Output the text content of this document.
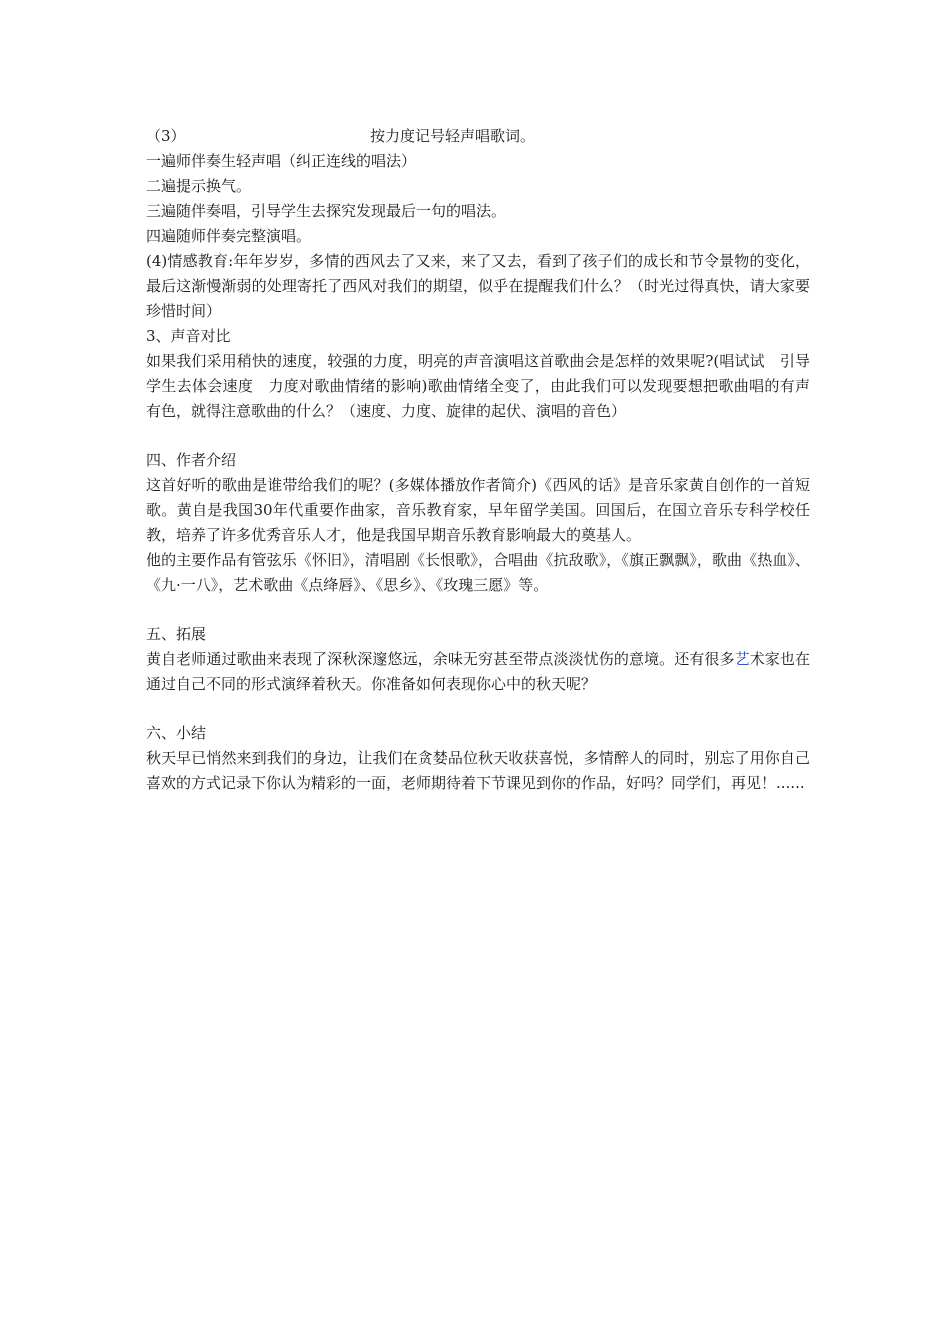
（3）	按力度记号轻声唱歌词。

一遍师伴奏生轻声唱（纠正连线的唱法）

二遍提示换气。

三遍随伴奏唱，引导学生去探究发现最后一句的唱法。

四遍随师伴奏完整演唱。

(4)情感教育:年年岁岁，多情的西风去了又来，来了又去，看到了孩子们的成长和节令景物的变化，最后这渐慢渐弱的处理寄托了西风对我们的期望，似乎在提醒我们什么？（时光过得真快，请大家要珍惜时间）

3、声音对比

如果我们采用稍快的速度，较强的力度，明亮的声音演唱这首歌曲会是怎样的效果呢?(唱试试　引导学生去体会速度　力度对歌曲情绪的影响)歌曲情绪全变了，由此我们可以发现要想把歌曲唱的有声有色，就得注意歌曲的什么？（速度、力度、旋律的起伏、演唱的音色）

四、作者介绍

这首好听的歌曲是谁带给我们的呢？(多媒体播放作者简介)《西风的话》是音乐家黄自创作的一首短歌。黄自是我国30年代重要作曲家，音乐教育家，早年留学美国。回国后，在国立音乐专科学校任教，培养了许多优秀音乐人才，他是我国早期音乐教育影响最大的奠基人。

他的主要作品有管弦乐《怀旧》，清唱剧《长恨歌》，合唱曲《抗敌歌》，《旗正飘飘》，歌曲《热血》、《九·一八》，艺术歌曲《点绛唇》、《思乡》、《玫瑰三愿》等。

五、拓展

黄自老师通过歌曲来表现了深秋深邃悠远，余味无穷甚至带点淡淡忧伤的意境。还有很多艺术家也在通过自己不同的形式演绎着秋天。你准备如何表现你心中的秋天呢？

六、小结

秋天早已悄然来到我们的身边，让我们在贪婪品位秋天收获喜悦，多情醉人的同时，别忘了用你自己喜欢的方式记录下你认为精彩的一面，老师期待着下节课见到你的作品，好吗？同学们，再见！......
